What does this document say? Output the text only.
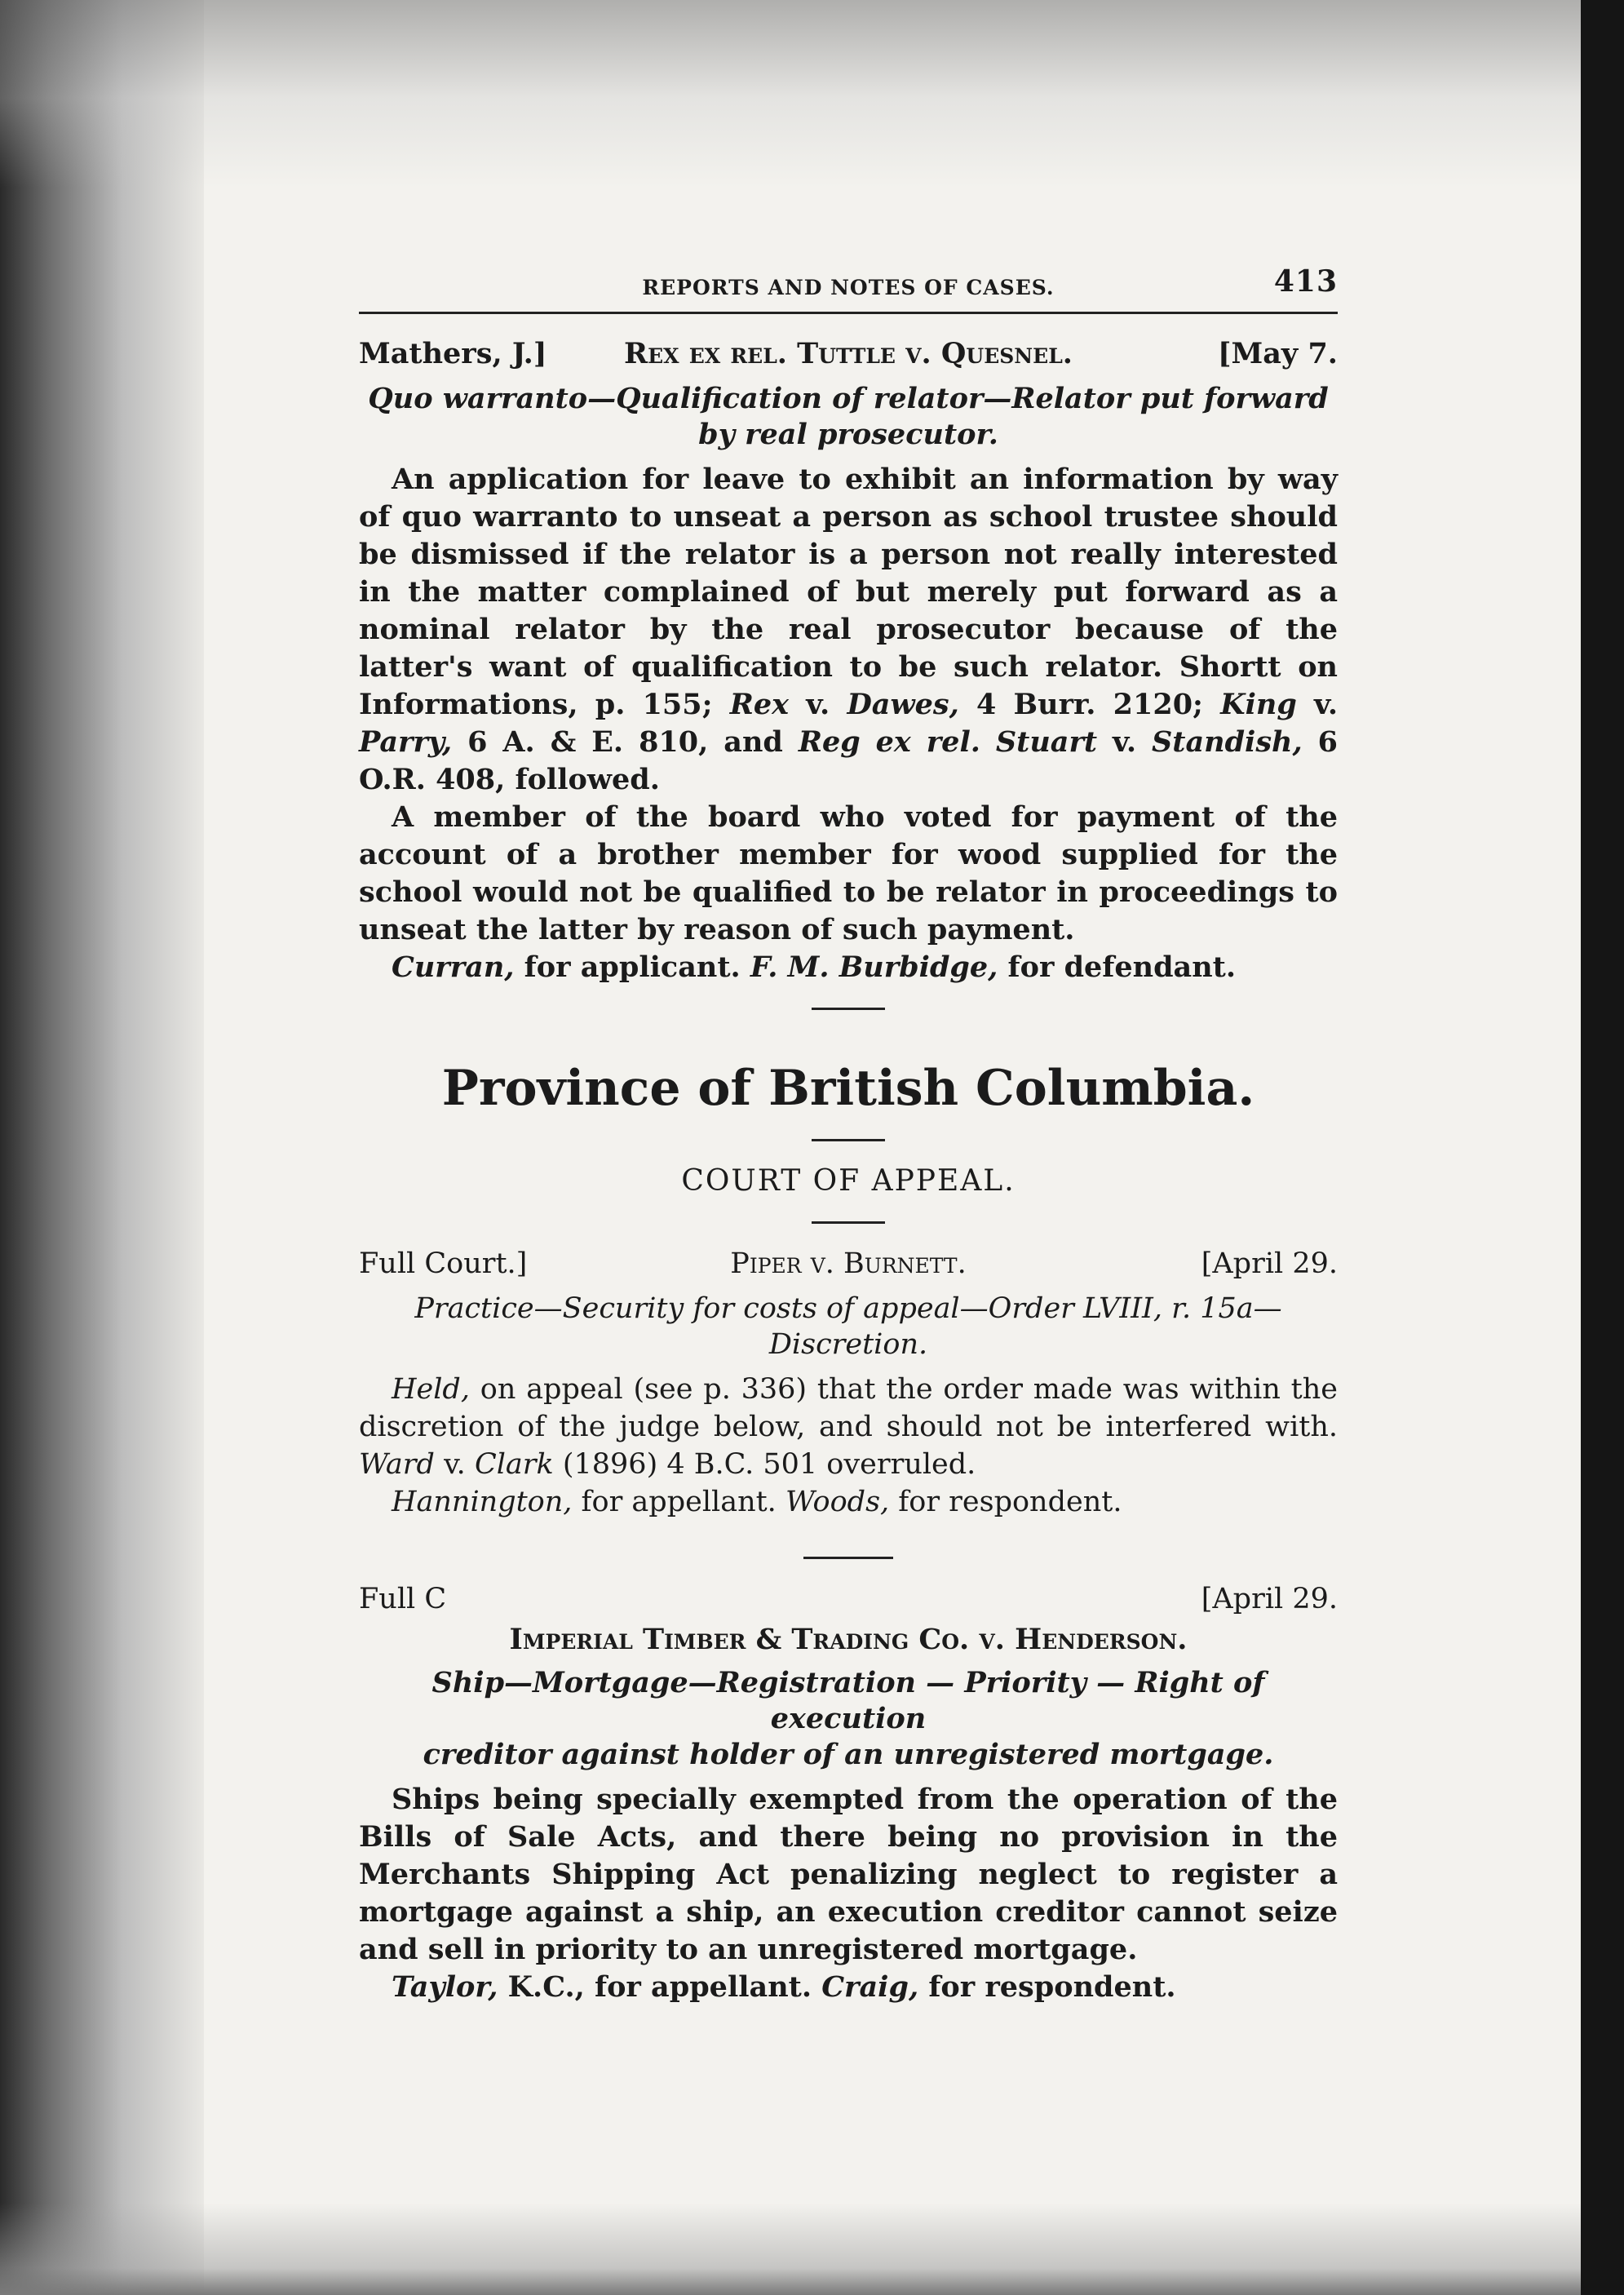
REPORTS AND NOTES OF CASES.	413
Mathers, J.]	Rex ex rel. Tuttle v. Quesnel.	[May 7.
Quo warranto—Qualification of relator—Relator put forward
by real prosecutor.

An application for leave to exhibit an information by way of quo warranto to unseat a person as school trustee should be dismissed if the relator is a person not really interested in the matter complained of but merely put forward as a nominal relator by the real prosecutor because of the latter's want of qualification to be such relator. Shortt on Informations, p. 155; Rex v. Dawes, 4 Burr. 2120; King v. Parry, 6 A. & E. 810, and Reg ex rel. Stuart v. Standish, 6 O.R. 408, followed.

A member of the board who voted for payment of the account of a brother member for wood supplied for the school would not be qualified to be relator in proceedings to unseat the latter by reason of such payment.

Curran, for applicant. F. M. Burbidge, for defendant.

Province of British Columbia.
COURT OF APPEAL.
Full Court.]	Piper v. Burnett.	[April 29.
Practice—Security for costs of appeal—Order LVIII, r. 15a—
Discretion.

Held, on appeal (see p. 336) that the order made was within the discretion of the judge below, and should not be interfered with. Ward v. Clark (1896) 4 B.C. 501 overruled.

Hannington, for appellant. Woods, for respondent.

Full C	[April 29.
Imperial Timber & Trading Co. v. Henderson.
Ship—Mortgage—Registration — Priority — Right of execution
creditor against holder of an unregistered mortgage.

Ships being specially exempted from the operation of the Bills of Sale Acts, and there being no provision in the Merchants Shipping Act penalizing neglect to register a mortgage against a ship, an execution creditor cannot seize and sell in priority to an unregistered mortgage.

Taylor, K.C., for appellant. Craig, for respondent.
